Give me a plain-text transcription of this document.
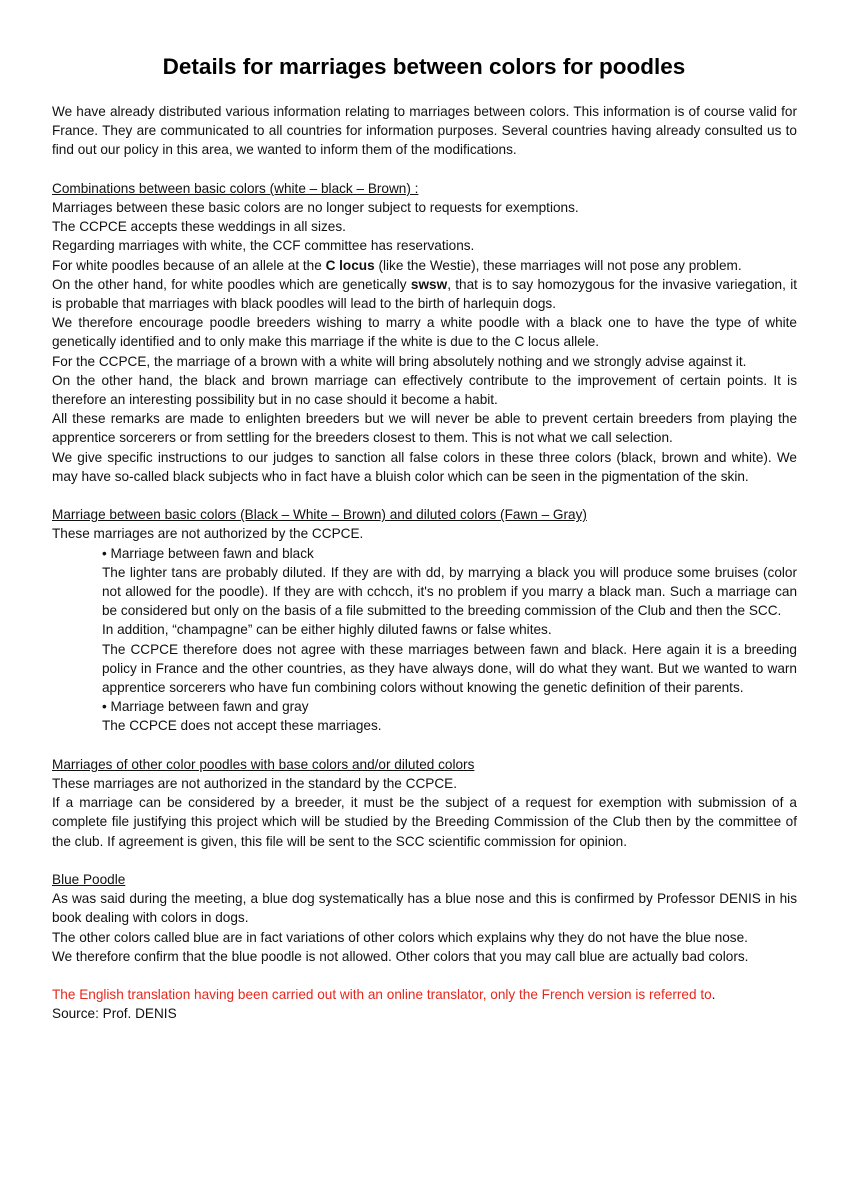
Details for marriages between colors for poodles

We have already distributed various information relating to marriages between colors. This information is of course valid for France. They are communicated to all countries for information purposes. Several countries having already consulted us to find out our policy in this area, we wanted to inform them of the modifications.

Combinations between basic colors (white – black – Brown) :

Marriages between these basic colors are no longer subject to requests for exemptions.

The CCPCE accepts these weddings in all sizes.

Regarding marriages with white, the CCF committee has reservations.

For white poodles because of an allele at the C locus (like the Westie), these marriages will not pose any problem.

On the other hand, for white poodles which are genetically swsw, that is to say homozygous for the invasive variegation, it is probable that marriages with black poodles will lead to the birth of harlequin dogs.

We therefore encourage poodle breeders wishing to marry a white poodle with a black one to have the type of white genetically identified and to only make this marriage if the white is due to the C locus allele.

For the CCPCE, the marriage of a brown with a white will bring absolutely nothing and we strongly advise against it.

On the other hand, the black and brown marriage can effectively contribute to the improvement of certain points. It is therefore an interesting possibility but in no case should it become a habit.

All these remarks are made to enlighten breeders but we will never be able to prevent certain breeders from playing the apprentice sorcerers or from settling for the breeders closest to them. This is not what we call selection.

We give specific instructions to our judges to sanction all false colors in these three colors (black, brown and white). We may have so-called black subjects who in fact have a bluish color which can be seen in the pigmentation of the skin.

Marriage between basic colors (Black – White – Brown) and diluted colors (Fawn – Gray)

These marriages are not authorized by the CCPCE.

• Marriage between fawn and black

The lighter tans are probably diluted. If they are with dd, by marrying a black you will produce some bruises (color not allowed for the poodle). If they are with cchcch, it's no problem if you marry a black man. Such a marriage can be considered but only on the basis of a file submitted to the breeding commission of the Club and then the SCC.

In addition, “champagne” can be either highly diluted fawns or false whites.

The CCPCE therefore does not agree with these marriages between fawn and black. Here again it is a breeding policy in France and the other countries, as they have always done, will do what they want. But we wanted to warn apprentice sorcerers who have fun combining colors without knowing the genetic definition of their parents.

• Marriage between fawn and gray

The CCPCE does not accept these marriages.

Marriages of other color poodles with base colors and/or diluted colors

These marriages are not authorized in the standard by the CCPCE.

If a marriage can be considered by a breeder, it must be the subject of a request for exemption with submission of a complete file justifying this project which will be studied by the Breeding Commission of the Club then by the committee of the club. If agreement is given, this file will be sent to the SCC scientific commission for opinion.

Blue Poodle

As was said during the meeting, a blue dog systematically has a blue nose and this is confirmed by Professor DENIS in his book dealing with colors in dogs.

The other colors called blue are in fact variations of other colors which explains why they do not have the blue nose.

We therefore confirm that the blue poodle is not allowed. Other colors that you may call blue are actually bad colors.

The English translation having been carried out with an online translator, only the French version is referred to.

Source: Prof. DENIS
